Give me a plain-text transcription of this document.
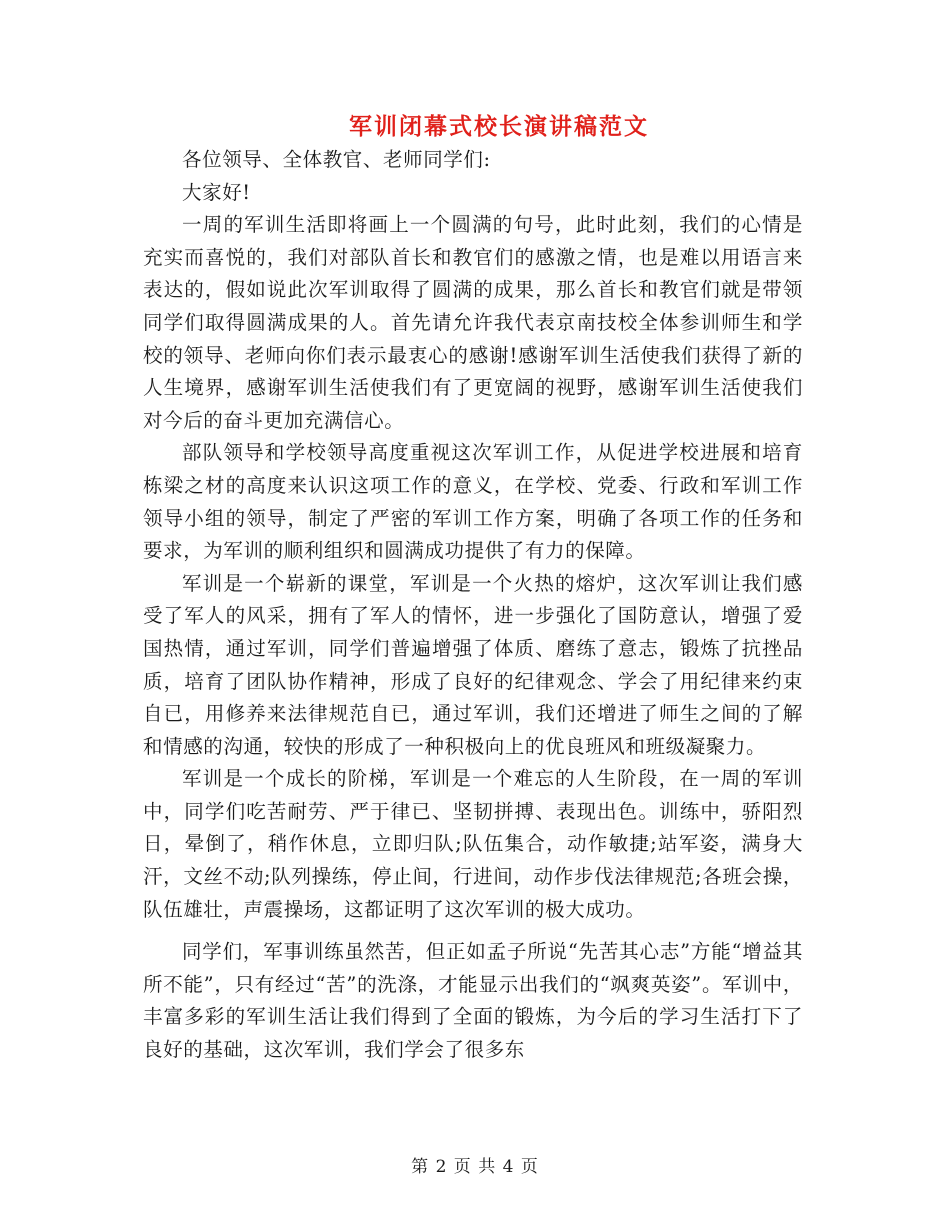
军训闭幕式校长演讲稿范文

各位领导、全体教官、老师同学们:

大家好!

一周的军训生活即将画上一个圆满的句号，此时此刻，我们的心情是充实而喜悦的，我们对部队首长和教官们的感激之情，也是难以用语言来表达的，假如说此次军训取得了圆满的成果，那么首长和教官们就是带领同学们取得圆满成果的人。首先请允许我代表京南技校全体参训师生和学校的领导、老师向你们表示最衷心的感谢!感谢军训生活使我们获得了新的人生境界，感谢军训生活使我们有了更宽阔的视野，感谢军训生活使我们对今后的奋斗更加充满信心。

部队领导和学校领导高度重视这次军训工作，从促进学校进展和培育栋梁之材的高度来认识这项工作的意义，在学校、党委、行政和军训工作领导小组的领导，制定了严密的军训工作方案，明确了各项工作的任务和要求，为军训的顺利组织和圆满成功提供了有力的保障。

军训是一个崭新的课堂，军训是一个火热的熔炉，这次军训让我们感受了军人的风采，拥有了军人的情怀，进一步强化了国防意认，增强了爱国热情，通过军训，同学们普遍增强了体质、磨练了意志，锻炼了抗挫品质，培育了团队协作精神，形成了良好的纪律观念、学会了用纪律来约束自已，用修养来法律规范自已，通过军训，我们还增进了师生之间的了解和情感的沟通，较快的形成了一种积极向上的优良班风和班级凝聚力。

军训是一个成长的阶梯，军训是一个难忘的人生阶段，在一周的军训中，同学们吃苦耐劳、严于律已、坚韧拼搏、表现出色。训练中，骄阳烈日，晕倒了，稍作休息，立即归队;队伍集合，动作敏捷;站军姿，满身大汗，文丝不动;队列操练，停止间，行进间，动作步伐法律规范;各班会操，队伍雄壮，声震操场，这都证明了这次军训的极大成功。

同学们，军事训练虽然苦，但正如孟子所说“先苦其心志”方能“增益其所不能”，只有经过“苦”的洗涤，才能显示出我们的“飒爽英姿”。军训中，丰富多彩的军训生活让我们得到了全面的锻炼，为今后的学习生活打下了良好的基础，这次军训，我们学会了很多东

第 2 页 共 4 页
